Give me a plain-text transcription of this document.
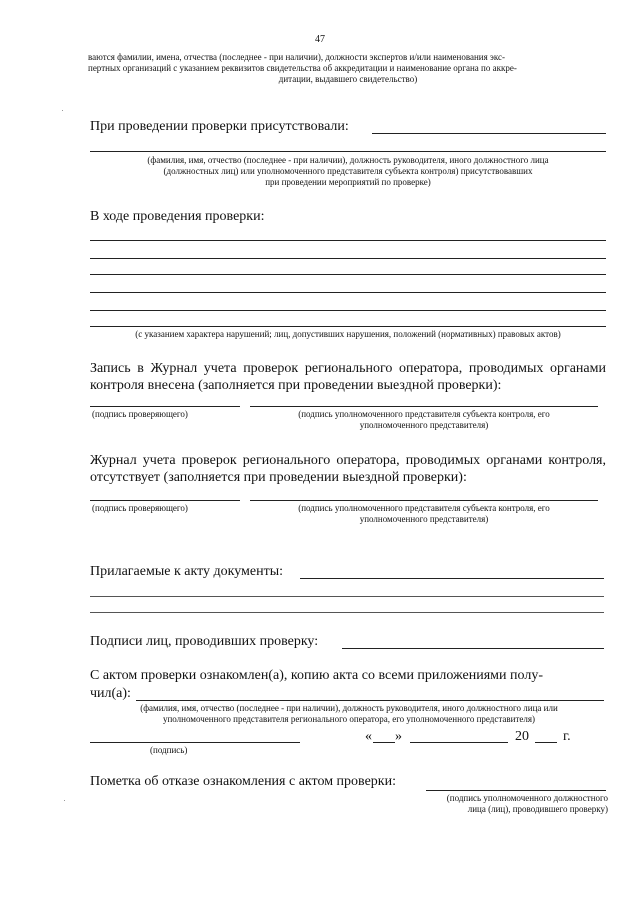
47
ваются фамилии, имена, отчества (последнее - при наличии), должности экспертов и/или наименования экс-
пертных организаций с указанием реквизитов свидетельства об аккредитации и наименование органа по аккре-
дитации, выдавшего свидетельство)
При проведении проверки присутствовали:
(фамилия, имя, отчество (последнее - при наличии), должность руководителя, иного должностного лица
(должностных лиц) или уполномоченного представителя субъекта контроля) присутствовавших
при проведении мероприятий по проверке)
В ходе проведения проверки:
(с указанием характера нарушений; лиц, допустивших нарушения, положений (нормативных) правовых актов)
Запись в Журнал учета проверок регионального оператора, проводимых органами контроля внесена (заполняется при проведении выездной проверки):
(подпись проверяющего)	(подпись уполномоченного представителя субъекта контроля, его
уполномоченного представителя)
Журнал учета проверок регионального оператора, проводимых органами контроля, отсутствует (заполняется при проведении выездной проверки):
(подпись проверяющего)	(подпись уполномоченного представителя субъекта контроля, его
уполномоченного представителя)
Прилагаемые к акту документы:
Подписи лиц, проводивших проверку:
С актом проверки ознакомлен(а), копию акта со всеми приложениями полу-
чил(а):
(фамилия, имя, отчество (последнее - при наличии), должность руководителя, иного должностного лица или
уполномоченного представителя регионального оператора, его уполномоченного представителя)
(подпись)
« »	20 г.
Пометка об отказе ознакомления с актом проверки:
(подпись уполномоченного должностного
лица (лиц), проводившего проверку)
